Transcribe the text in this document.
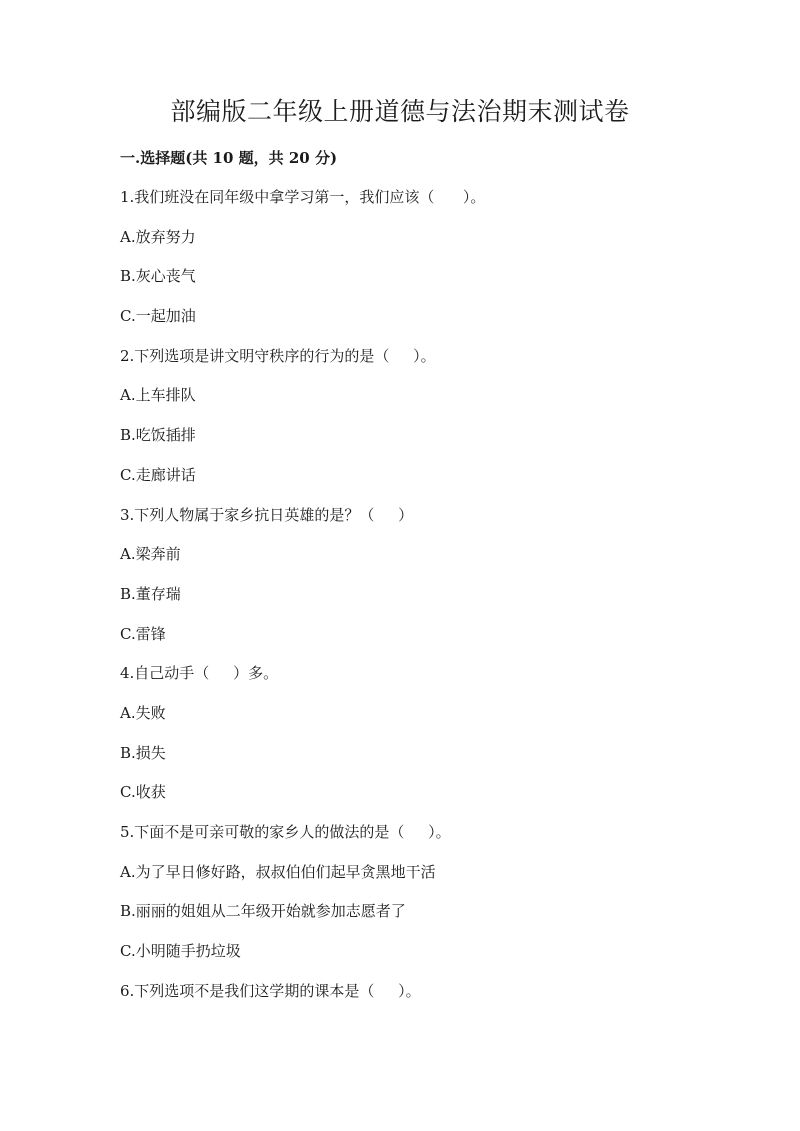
部编版二年级上册道德与法治期末测试卷
一.选择题(共 10 题，共 20 分)
1.我们班没在同年级中拿学习第一，我们应该（      ）。
A.放弃努力
B.灰心丧气
C.一起加油
2.下列选项是讲文明守秩序的行为的是（     ）。
A.上车排队
B.吃饭插排
C.走廊讲话
3.下列人物属于家乡抗日英雄的是？（     ）
A.梁奔前
B.董存瑞
C.雷锋
4.自己动手（     ）多。
A.失败
B.损失
C.收获
5.下面不是可亲可敬的家乡人的做法的是（     ）。
A.为了早日修好路，叔叔伯伯们起早贪黑地干活
B.丽丽的姐姐从二年级开始就参加志愿者了
C.小明随手扔垃圾
6.下列选项不是我们这学期的课本是（     ）。
